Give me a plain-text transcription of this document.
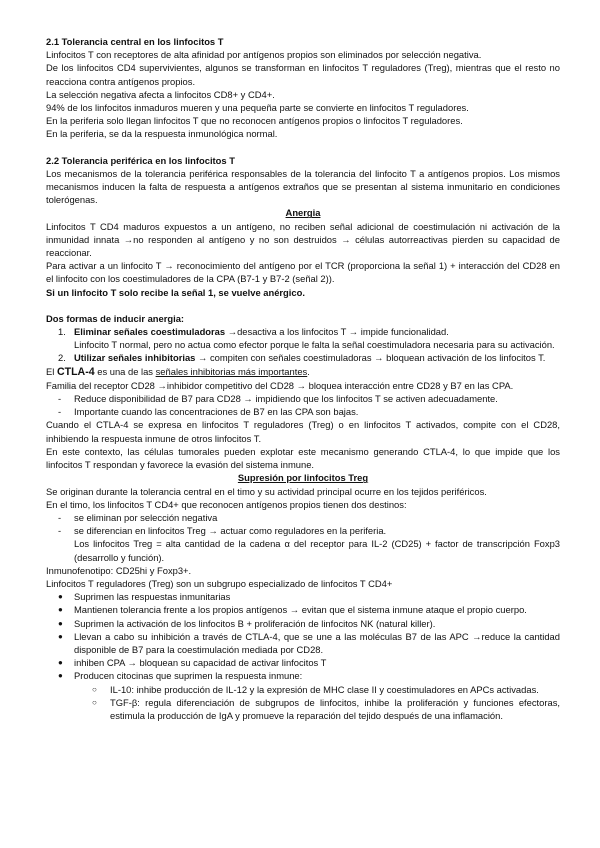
2.1 Tolerancia central en los linfocitos T

Linfocitos T con receptores de alta afinidad por antígenos propios son eliminados por selección negativa.

De los linfocitos CD4 supervivientes, algunos se transforman en linfocitos T reguladores (Treg), mientras que el resto no reacciona contra antígenos propios.

La selección negativa afecta a linfocitos CD8+ y CD4+.

94% de los linfocitos inmaduros mueren y una pequeña parte se convierte en linfocitos T reguladores.

En la periferia solo llegan linfocitos T que no reconocen antígenos propios o linfocitos T reguladores.

En la periferia, se da la respuesta inmunológica normal.

2.2 Tolerancia periférica en los linfocitos T

Los mecanismos de la tolerancia periférica responsables de la tolerancia del linfocito T a antígenos propios. Los mismos mecanismos inducen la falta de respuesta a antígenos extraños que se presentan al sistema inmunitario en condiciones tolerógenas.

Anergia

Linfocitos T CD4 maduros expuestos a un antígeno, no reciben señal adicional de coestimulación ni activación de la inmunidad innata →no responden al antígeno y no son destruidos → células autorreactivas pierden su capacidad de reaccionar.

Para activar a un linfocito T → reconocimiento del antígeno por el TCR (proporciona la señal 1) + interacción del CD28 en el linfocito con los coestimuladores de la CPA (B7-1 y B7-2 (señal 2)).

Si un linfocito T solo recibe la señal 1, se vuelve anérgico.

Dos formas de inducir anergia:

1. Eliminar señales coestimuladoras →desactiva a los linfocitos T → impide funcionalidad.

Linfocito T normal, pero no actua como efector porque le falta la señal coestimuladora necesaria para su activación.

2. Utilizar señales inhibitorias → compiten con señales coestimuladoras → bloquean activación de los linfocitos T.

El CTLA-4 es una de las señales inhibitorias más importantes.

Familia del receptor CD28 →inhibidor competitivo del CD28 → bloquea interacción entre CD28 y B7 en las CPA.

- Reduce disponibilidad de B7 para CD28 → impidiendo que los linfocitos T se activen adecuadamente.

- Importante cuando las concentraciones de B7 en las CPA son bajas.

Cuando el CTLA-4 se expresa en linfocitos T reguladores (Treg) o en linfocitos T activados, compite con el CD28, inhibiendo la respuesta inmune de otros linfocitos T.

En este contexto, las células tumorales pueden explotar este mecanismo generando CTLA-4, lo que impide que los linfocitos T respondan y favorece la evasión del sistema inmune.

Supresión por linfocitos Treg

Se originan durante la tolerancia central en el timo y su actividad principal ocurre en los tejidos periféricos.

En el timo, los linfocitos T CD4+ que reconocen antígenos propios tienen dos destinos:

- se eliminan por selección negativa

- se diferencian en linfocitos Treg → actuar como reguladores en la periferia.

Los linfocitos Treg = alta cantidad de la cadena α del receptor para IL-2 (CD25) + factor de transcripción Foxp3 (desarrollo y función).

Inmunofenotipo: CD25hi y Foxp3+.

Linfocitos T reguladores (Treg) son un subgrupo especializado de linfocitos T CD4+

● Suprimen las respuestas inmunitarias

● Mantienen tolerancia frente a los propios antígenos → evitan que el sistema inmune ataque el propio cuerpo.

● Suprimen la activación de los linfocitos B + proliferación de linfocitos NK (natural killer).

● Llevan a cabo su inhibición a través de CTLA-4, que se une a las moléculas B7 de las APC →reduce la cantidad disponible de B7 para la coestimulación mediada por CD28.

● inhiben CPA → bloquean su capacidad de activar linfocitos T

● Producen citocinas que suprimen la respuesta inmune:

○ IL-10: inhibe producción de IL-12 y la expresión de MHC clase II y coestimuladores en APCs activadas.

○ TGF-β: regula diferenciación de subgrupos de linfocitos, inhibe la proliferación y funciones efectoras, estimula la producción de IgA y promueve la reparación del tejido después de una inflamación.
